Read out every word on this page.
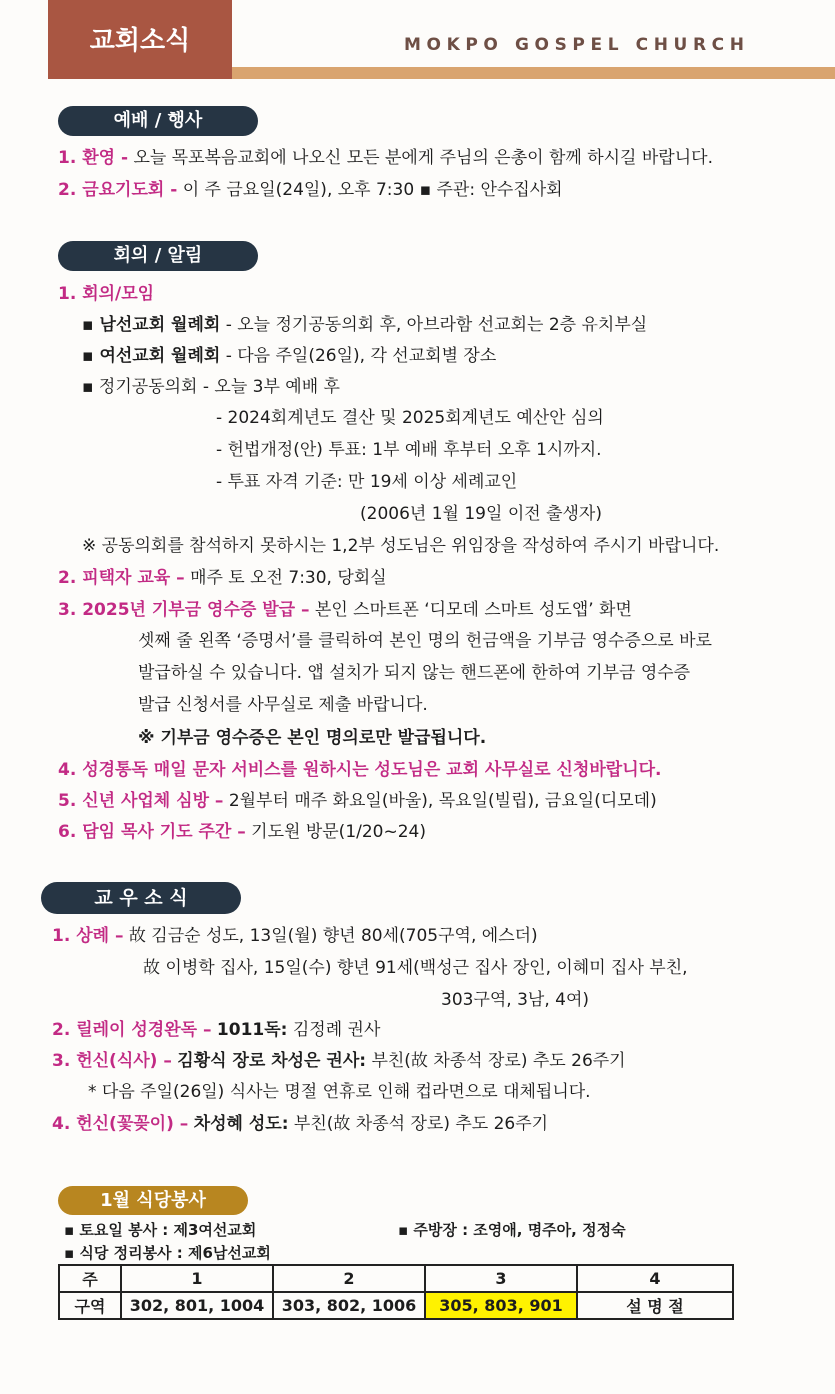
교회소식	MOKPO GOSPEL CHURCH
예배 / 행사
1. 환영 - 오늘 목포복음교회에 나오신 모든 분에게 주님의 은총이 함께 하시길 바랍니다.
2. 금요기도회 - 이 주 금요일(24일), 오후 7:30 ▪ 주관: 안수집사회
회의 / 알림
1. 회의/모임
▪ 남선교회 월례회 - 오늘 정기공동의회 후, 아브라함 선교회는 2층 유치부실
▪ 여선교회 월례회 - 다음 주일(26일), 각 선교회별 장소
▪ 정기공동의회 - 오늘 3부 예배 후
- 2024회계년도 결산 및 2025회계년도 예산안 심의
- 헌법개정(안) 투표: 1부 예배 후부터 오후 1시까지.
- 투표 자격 기준: 만 19세 이상 세례교인
(2006년 1월 19일 이전 출생자)
※ 공동의회를 참석하지 못하시는 1,2부 성도님은 위임장을 작성하여 주시기 바랍니다.
2. 피택자 교육 – 매주 토 오전 7:30, 당회실
3. 2025년 기부금 영수증 발급 – 본인 스마트폰 ‘디모데 스마트 성도앱’ 화면
셋째 줄 왼쪽 ‘증명서’를 클릭하여 본인 명의 헌금액을 기부금 영수증으로 바로
발급하실 수 있습니다. 앱 설치가 되지 않는 핸드폰에 한하여 기부금 영수증
발급 신청서를 사무실로 제출 바랍니다.
※ 기부금 영수증은 본인 명의로만 발급됩니다.
4. 성경통독 매일 문자 서비스를 원하시는 성도님은 교회 사무실로 신청바랍니다.
5. 신년 사업체 심방 – 2월부터 매주 화요일(바울), 목요일(빌립), 금요일(디모데)
6. 담임 목사 기도 주간 – 기도원 방문(1/20~24)
교 우 소 식
1. 상례 – 故 김금순 성도, 13일(월) 향년 80세(705구역, 에스더)
故 이병학 집사, 15일(수) 향년 91세(백성근 집사 장인, 이혜미 집사 부친,
303구역, 3남, 4여)
2. 릴레이 성경완독 – 1011독: 김정례 권사
3. 헌신(식사) – 김황식 장로 차성은 권사: 부친(故 차종석 장로) 추도 26주기
* 다음 주일(26일) 식사는 명절 연휴로 인해 컵라면으로 대체됩니다.
4. 헌신(꽃꽂이) – 차성혜 성도: 부친(故 차종석 장로) 추도 26주기
1월 식당봉사
▪ 토요일 봉사 : 제3여선교회	▪ 주방장 : 조영애, 명주아, 정정숙
▪ 식당 정리봉사 : 제6남선교회
주	1	2	3	4
구역	302, 801, 1004	303, 802, 1006	305, 803, 901	설 명 절
